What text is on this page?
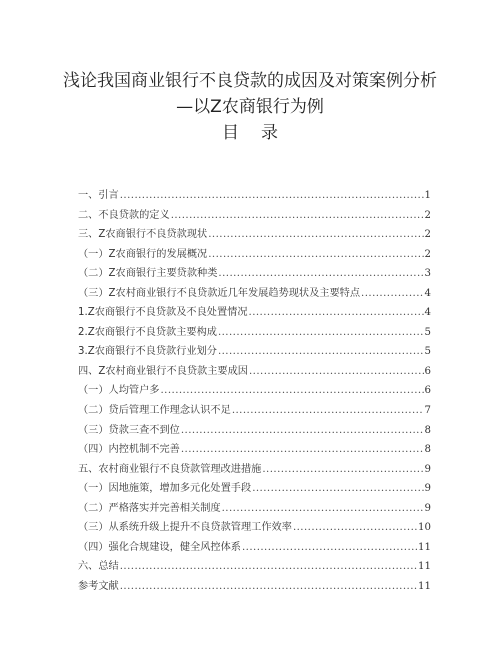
浅论我国商业银行不良贷款的成因及对策案例分析
—以Z农商银行为例
目录
一、引言 . . .	1
二、不良贷款的定义 . . .	2
三、Z农商银行不良贷款现状 . . .	2
（一）Z农商银行的发展概况 . . .	2
（二）Z农商银行主要贷款种类 . . .	3
（三）Z农村商业银行不良贷款近几年发展趋势现状及主要特点 . . .	4
1.Z农商银行不良贷款及不良处置情况 . . .	4
2.Z农商银行不良贷款主要构成 . . .	5
3.Z农商银行不良贷款行业划分 . . .	5
四、Z农村商业银行不良贷款主要成因 . . .	6
（一）人均管户多 . . .	6
（二）贷后管理工作理念认识不足 . . .	7
（三）贷款三查不到位 . . .	8
（四）内控机制不完善 . . .	8
五、农村商业银行不良贷款管理改进措施 . . .	9
（一）因地施策，增加多元化处置手段 . . .	9
（二）严格落实并完善相关制度 . . .	9
（三）从系统升级上提升不良贷款管理工作效率 . . .	10
（四）强化合规建设，健全风控体系 . . .	11
六、总结 . . .	11
参考文献 . . .	11
